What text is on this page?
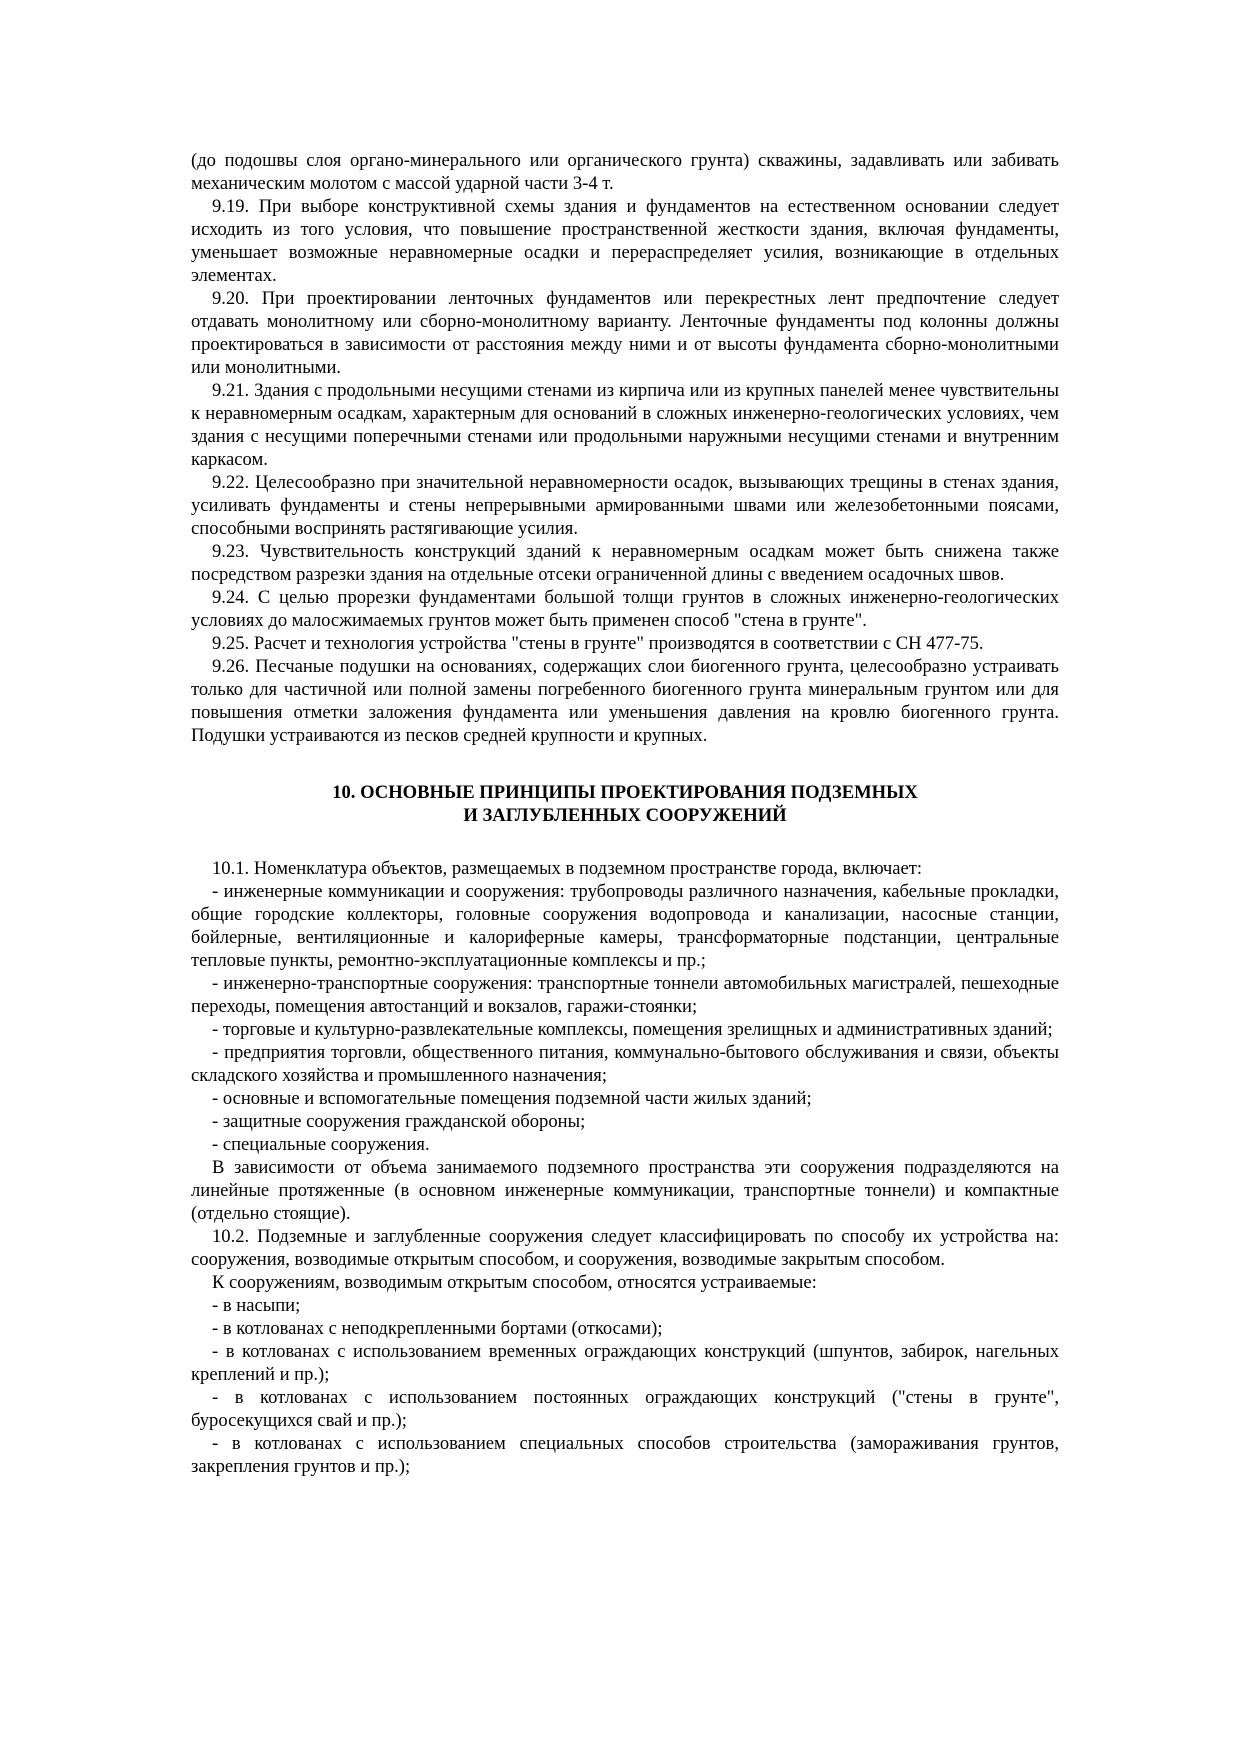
(до подошвы слоя органо-минерального или органического грунта) скважины, задавливать или забивать механическим молотом с массой ударной части 3-4 т.

9.19. При выборе конструктивной схемы здания и фундаментов на естественном основании следует исходить из того условия, что повышение пространственной жесткости здания, включая фундаменты, уменьшает возможные неравномерные осадки и перераспределяет усилия, возникающие в отдельных элементах.

9.20. При проектировании ленточных фундаментов или перекрестных лент предпочтение следует отдавать монолитному или сборно-монолитному варианту. Ленточные фундаменты под колонны должны проектироваться в зависимости от расстояния между ними и от высоты фундамента сборно-монолитными или монолитными.

9.21. Здания с продольными несущими стенами из кирпича или из крупных панелей менее чувствительны к неравномерным осадкам, характерным для оснований в сложных инженерно-геологических условиях, чем здания с несущими поперечными стенами или продольными наружными несущими стенами и внутренним каркасом.

9.22. Целесообразно при значительной неравномерности осадок, вызывающих трещины в стенах здания, усиливать фундаменты и стены непрерывными армированными швами или железобетонными поясами, способными воспринять растягивающие усилия.

9.23. Чувствительность конструкций зданий к неравномерным осадкам может быть снижена также посредством разрезки здания на отдельные отсеки ограниченной длины с введением осадочных швов.

9.24. С целью прорезки фундаментами большой толщи грунтов в сложных инженерно-геологических условиях до малосжимаемых грунтов может быть применен способ "стена в грунте".

9.25. Расчет и технология устройства "стены в грунте" производятся в соответствии с СН 477-75.

9.26. Песчаные подушки на основаниях, содержащих слои биогенного грунта, целесообразно устраивать только для частичной или полной замены погребенного биогенного грунта минеральным грунтом или для повышения отметки заложения фундамента или уменьшения давления на кровлю биогенного грунта. Подушки устраиваются из песков средней крупности и крупных.

10. ОСНОВНЫЕ ПРИНЦИПЫ ПРОЕКТИРОВАНИЯ ПОДЗЕМНЫХ
И ЗАГЛУБЛЕННЫХ СООРУЖЕНИЙ

10.1. Номенклатура объектов, размещаемых в подземном пространстве города, включает:

- инженерные коммуникации и сооружения: трубопроводы различного назначения, кабельные прокладки, общие городские коллекторы, головные сооружения водопровода и канализации, насосные станции, бойлерные, вентиляционные и калориферные камеры, трансформаторные подстанции, центральные тепловые пункты, ремонтно-эксплуатационные комплексы и пр.;

- инженерно-транспортные сооружения: транспортные тоннели автомобильных магистралей, пешеходные переходы, помещения автостанций и вокзалов, гаражи-стоянки;

- торговые и культурно-развлекательные комплексы, помещения зрелищных и административных зданий;

- предприятия торговли, общественного питания, коммунально-бытового обслуживания и связи, объекты складского хозяйства и промышленного назначения;

- основные и вспомогательные помещения подземной части жилых зданий;

- защитные сооружения гражданской обороны;

- специальные сооружения.

В зависимости от объема занимаемого подземного пространства эти сооружения подразделяются на линейные протяженные (в основном инженерные коммуникации, транспортные тоннели) и компактные (отдельно стоящие).

10.2. Подземные и заглубленные сооружения следует классифицировать по способу их устройства на: сооружения, возводимые открытым способом, и сооружения, возводимые закрытым способом.

К сооружениям, возводимым открытым способом, относятся устраиваемые:

- в насыпи;

- в котлованах с неподкрепленными бортами (откосами);

- в котлованах с использованием временных ограждающих конструкций (шпунтов, забирок, нагельных креплений и пр.);

- в котлованах с использованием постоянных ограждающих конструкций ("стены в грунте", буросекущихся свай и пр.);

- в котлованах с использованием специальных способов строительства (замораживания грунтов, закрепления грунтов и пр.);
